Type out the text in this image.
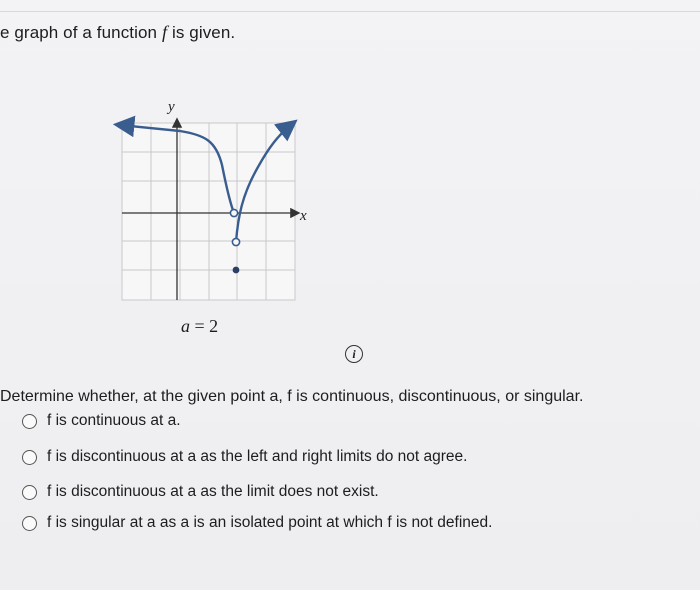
e graph of a function f is given.
y
x
a = 2
i
Determine whether, at the given point a, f is continuous, discontinuous, or singular.
f is continuous at a.
f is discontinuous at a as the left and right limits do not agree.
f is discontinuous at a as the limit does not exist.
f is singular at a as a is an isolated point at which f is not defined.
